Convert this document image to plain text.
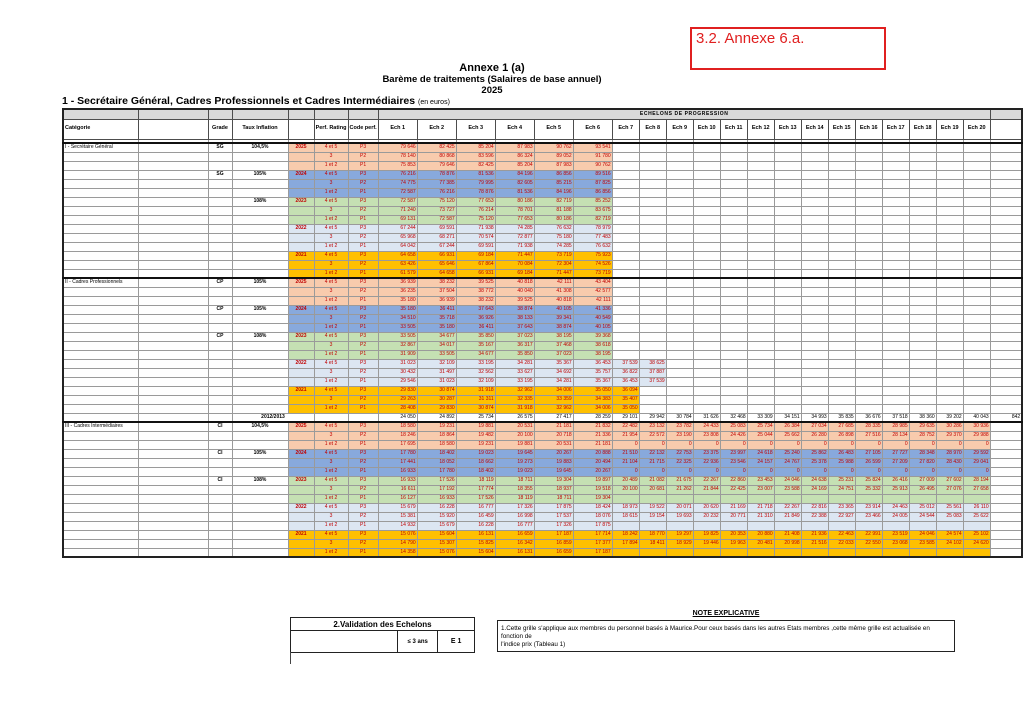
3.2. Annexe 6.a.
Annexe 1 (a)
Barème de traitements (Salaires de base annuel)
2025
1 - Secrétaire Général, Cadres Professionnels et Cadres Intermédiaires (en euros)
							ECHELONS DE PROGRESSION																				
Catégorie		Grade	Taux Inflation		Perf. Rating	Code perf.	Ech 1	Ech 2	Ech 3	Ech 4	Ech 5	Ech 6	Ech 7	Ech 8	Ech 9	Ech 10	Ech 11	Ech 12	Ech 13	Ech 14	Ech 15	Ech 16	Ech 17	Ech 18	Ech 19	Ech 20	

I - Secrétaire Général		SG	104,5%	2025	4 et 5	P3	79 646	82 425	85 204	87 983	90 762	93 541															
					3	P2	78 140	80 868	83 596	86 324	89 052	91 780															
					1 et 2	P1	75 853	79 646	82 425	85 204	87 983	90 762															
		SG	105%	2024	4 et 5	P3	76 216	78 876	81 536	84 196	86 856	89 516															
					3	P2	74 775	77 385	79 995	82 605	85 215	87 825															
					1 et 2	P1	72 587	76 216	78 876	81 536	84 196	86 856															
			108%	2023	4 et 5	P3	72 587	75 120	77 653	80 186	82 719	85 252															
					3	P2	71 240	73 727	76 214	78 701	81 188	83 675															
					1 et 2	P1	69 131	72 587	75 120	77 653	80 186	82 719															
				2022	4 et 5	P3	67 244	69 591	71 938	74 285	76 632	78 979															
					3	P2	65 968	68 271	70 574	72 877	75 180	77 483															
					1 et 2	P1	64 042	67 244	69 591	71 938	74 285	76 632															
				2021	4 et 5	P3	64 658	66 931	69 184	71 447	73 719	75 923															
					3	P2	63 426	65 646	67 864	70 084	72 304	74 526															
					1 et 2	P1	61 579	64 658	66 931	69 184	71 447	73 719															
II - Cadres Professionnels		CP	105%	2025	4 et 5	P3	36 939	38 232	39 525	40 818	42 111	43 404															
					3	P2	36 235	37 504	38 772	40 040	41 308	42 577															
					1 et 2	P1	35 180	36 939	38 232	39 525	40 818	42 111															
		CP	105%	2024	4 et 5	P3	35 180	36 411	37 643	38 874	40 105	41 336															
					3	P2	34 510	35 718	36 926	38 133	39 341	40 549															
					1 et 2	P1	33 505	35 180	36 411	37 643	38 874	40 105															
		CP	108%	2023	4 et 5	P3	33 505	34 677	35 850	37 023	38 195	39 368															
					3	P2	32 867	34 017	35 167	36 317	37 468	38 618															
					1 et 2	P1	31 909	33 505	34 677	35 850	37 023	38 195															
				2022	4 et 5	P3	31 023	32 109	33 195	34 281	35 367	36 453	37 539	38 625													
					3	P2	30 432	31 497	32 562	33 627	34 692	35 757	36 822	37 887													
					1 et 2	P1	29 546	31 023	32 109	33 195	34 281	35 367	36 453	37 539													
				2021	4 et 5	P3	29 830	30 874	31 918	32 962	34 006	35 050	36 094														
					3	P2	29 263	30 287	31 311	32 335	33 359	34 383	35 407														
					1 et 2	P1	28 408	29 830	30 874	31 918	32 962	34 006	35 050														
			2012/2013				24 050	24 892	25 734	26 575	27 417	28 259	29 101	29 942	30 784	31 626	32 468	33 309	34 151	34 993	35 835	36 676	37 518	38 360	39 202	40 043	842
III - Cadres Intermédiaires		CI	104,5%	2025	4 et 5	P3	18 580	19 231	19 881	20 531	21 181	21 832	22 482	23 132	23 782	24 433	25 083	25 734	26 384	27 034	27 685	28 335	28 985	29 635	30 286	30 936	
					3	P2	18 246	18 864	19 482	20 100	20 718	21 336	21 954	22 572	23 190	23 808	24 426	25 044	25 662	26 280	26 898	27 516	28 134	28 752	29 370	29 988	
					1 et 2	P1	17 695	18 580	19 231	19 881	20 531	21 181	0	0	0	0	0	0	0	0	0	0	0	0	0	0	
		CI	105%	2024	4 et 5	P3	17 780	18 402	19 023	19 645	20 267	20 888	21 510	22 132	22 753	23 375	23 997	24 618	25 240	25 862	26 483	27 105	27 727	28 348	28 970	29 592	
					3	P2	17 441	18 052	18 662	19 273	19 883	20 494	21 104	21 715	22 325	22 936	23 546	24 157	24 767	25 378	25 988	26 599	27 209	27 820	28 430	29 041	
					1 et 2	P1	16 933	17 780	18 402	19 023	19 645	20 267	0	0	0	0	0	0	0	0	0	0	0	0	0	0	
		CI	108%	2023	4 et 5	P3	16 933	17 526	18 119	18 711	19 304	19 897	20 489	21 082	21 675	22 267	22 860	23 453	24 046	24 638	25 231	25 824	26 416	27 009	27 602	28 194	
					3	P2	16 611	17 192	17 774	18 355	18 937	19 518	20 100	20 681	21 262	21 844	22 425	23 007	23 588	24 169	24 751	25 332	25 913	26 495	27 076	27 658	
					1 et 2	P1	16 127	16 933	17 526	18 119	18 711	19 304															
				2022	4 et 5	P3	15 679	16 228	16 777	17 326	17 875	18 424	18 973	19 522	20 071	20 620	21 169	21 718	22 267	22 816	23 365	23 914	24 463	25 012	25 561	26 110	
					3	P2	15 381	15 920	16 459	16 998	17 537	18 076	18 615	19 154	19 693	20 232	20 771	21 310	21 849	22 388	22 927	23 466	24 005	24 544	25 083	25 622	
					1 et 2	P1	14 932	15 679	16 228	16 777	17 326	17 875															
				2021	4 et 5	P3	15 076	15 604	16 131	16 659	17 187	17 714	18 242	18 770	19 297	19 825	20 353	20 880	21 408	21 936	22 463	22 991	23 519	24 046	24 574	25 102	
					3	P2	14 790	15 307	15 825	16 342	16 859	17 377	17 894	18 411	18 929	19 446	19 963	20 481	20 998	21 516	22 033	22 550	23 068	23 585	24 102	24 620	
					1 et 2	P1	14 358	15 076	15 604	16 131	16 659	17 187															
2.Validation des Echelons
	≤ 3 ans	E 1
NOTE EXPLICATIVE
1.Cette grille s'applique aux membres du personnel basés à Maurice.Pour ceux basés dans les autres Etats membres ,cette même grille est actualisée en fonction de
l'indice prix (Tableau 1)
